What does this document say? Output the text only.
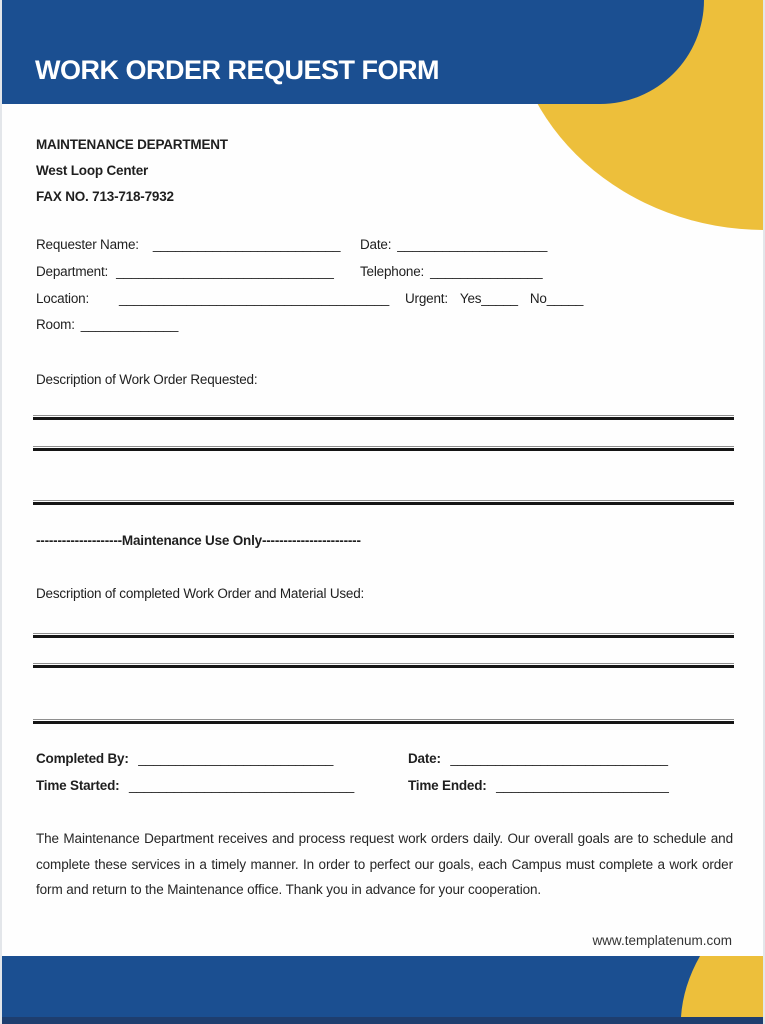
WORK ORDER REQUEST FORM
MAINTENANCE DEPARTMENT
West Loop Center
FAX NO. 713-718-7932
Requester Name: _________________________	Date: ____________________
Department: _____________________________	Telephone: _______________
Location: ____________________________________	Urgent: Yes_____ No_____
Room: _____________
Description of Work Order Requested:
--------------------Maintenance Use Only-----------------------
Description of completed Work Order and Material Used:
Completed By: __________________________	Date: _____________________________
Time Started: ______________________________	Time Ended: _______________________

The Maintenance Department receives and process request work orders daily. Our overall goals are to schedule and complete these services in a timely manner. In order to perfect our goals, each Campus must complete a work order form and return to the Maintenance office. Thank you in advance for your cooperation.

www.templatenum.com
